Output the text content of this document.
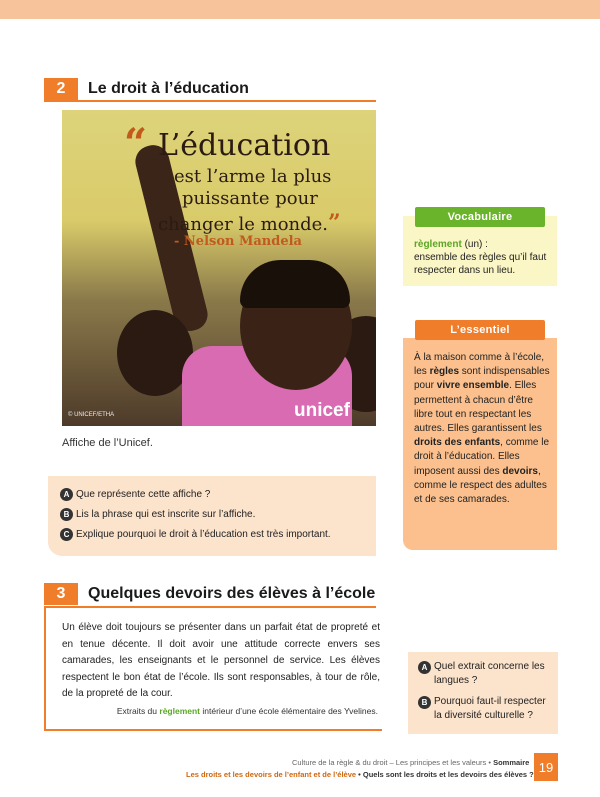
2	Le droit à l’éducation
“ L’éducation
est l’arme la plus
puissante pour
changer le monde.”
- Nelson Mandela
unicef
© UNICEF/ETHA
Affiche de l’Unicef.
A Que représente cette affiche ?
B Lis la phrase qui est inscrite sur l’affiche.
C Explique pourquoi le droit à l’éducation est très important.
Vocabulaire
règlement (un) :
ensemble des règles qu’il faut respecter dans un lieu.
L’essentiel
À la maison comme à l’école, les règles sont indispensables pour vivre ensemble. Elles permettent à chacun d’être libre tout en respectant les autres. Elles garantissent les droits des enfants, comme le droit à l’éducation. Elles imposent aussi des devoirs, comme le respect des adultes et de ses camarades.
3	Quelques devoirs des élèves à l’école
Un élève doit toujours se présenter dans un parfait état de propreté et en tenue décente. Il doit avoir une attitude correcte envers ses camarades, les enseignants et le personnel de service. Les élèves respectent le bon état de l’école. Ils sont responsables, à tour de rôle, de la propreté de la cour.
Extraits du règlement intérieur d’une école élémentaire des Yvelines.
A Quel extrait concerne les langues ?
B Pourquoi faut-il respecter la diversité culturelle ?
Culture de la règle & du droit – Les principes et les valeurs • Sommaire
Les droits et les devoirs de l’enfant et de l’élève • Quels sont les droits et les devoirs des élèves ? 19
